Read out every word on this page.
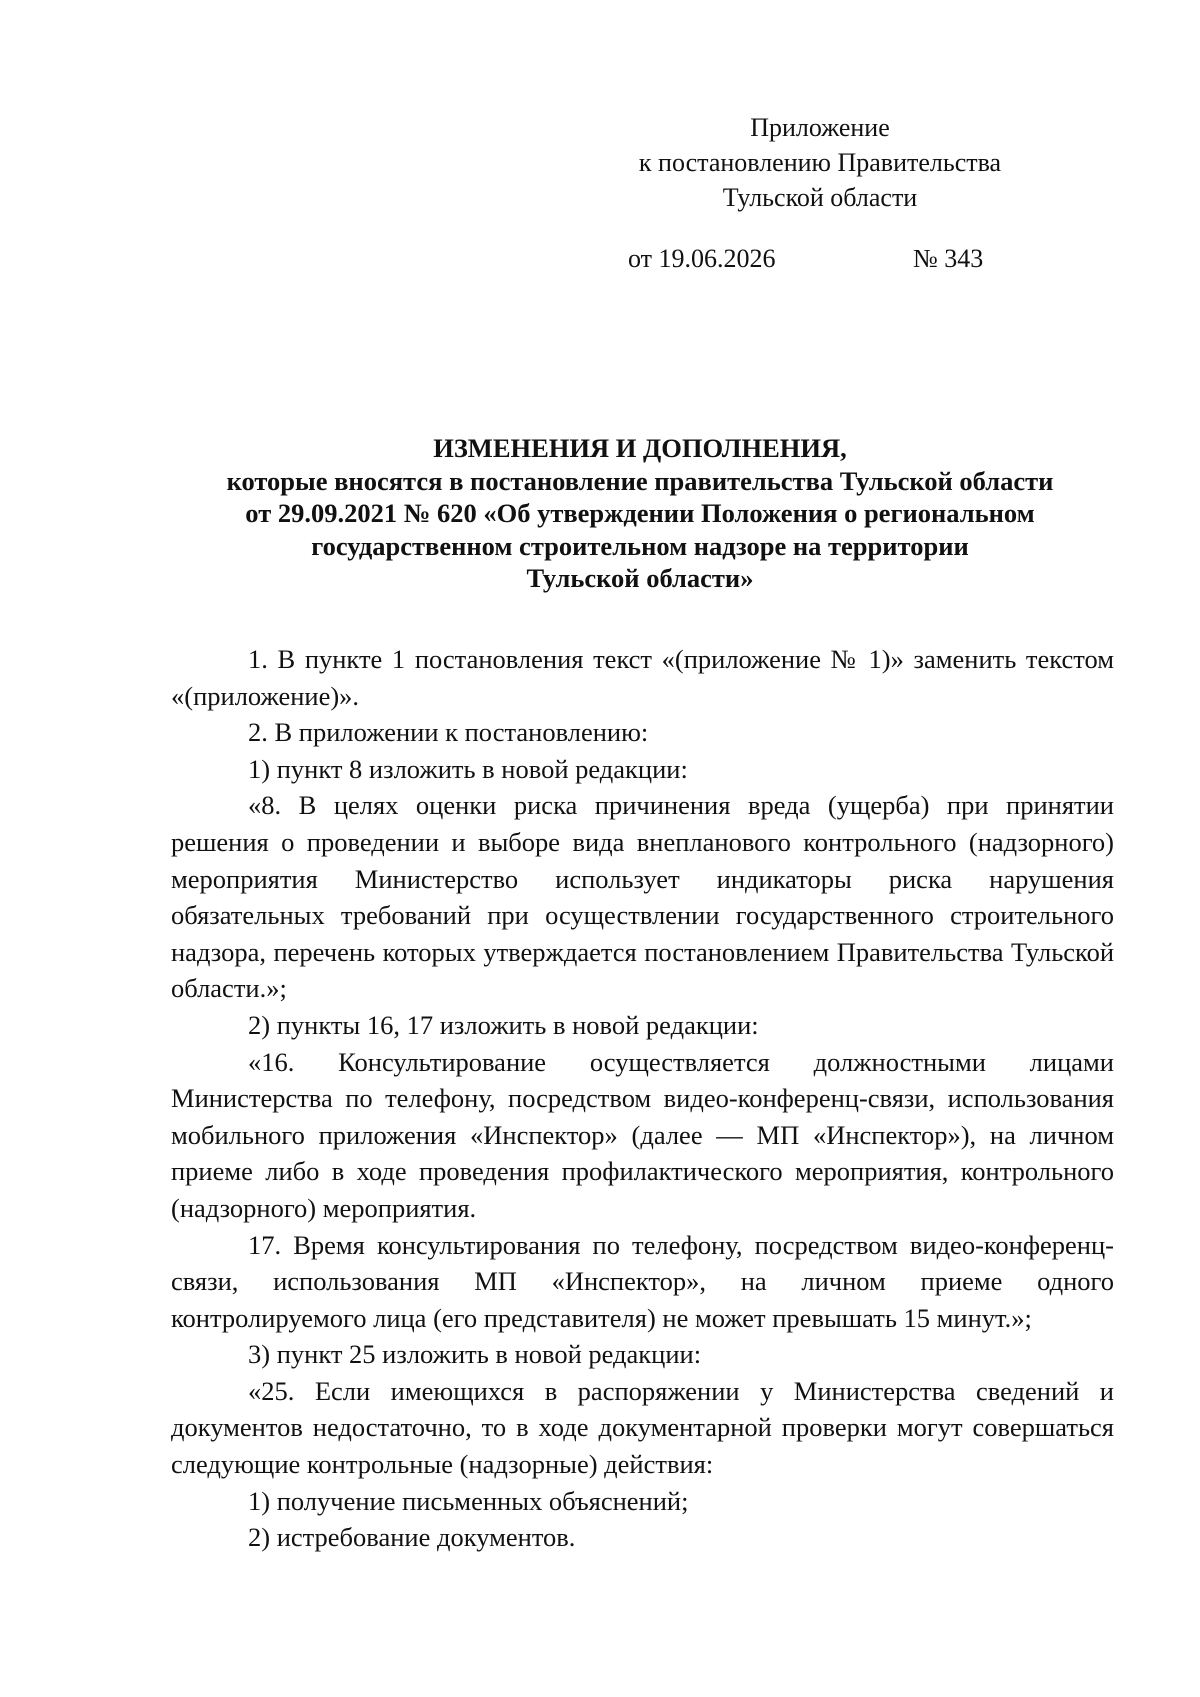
Приложение
к постановлению Правительства
Тульской области
от 19.06.2026	№ 343
ИЗМЕНЕНИЯ И ДОПОЛНЕНИЯ,
которые вносятся в постановление правительства Тульской области
от 29.09.2021 № 620 «Об утверждении Положения о региональном
государственном строительном надзоре на территории
Тульской области»

1. В пункте 1 постановления текст «(приложение № 1)» заменить текстом «(приложение)».

2. В приложении к постановлению:

1) пункт 8 изложить в новой редакции:

«8. В целях оценки риска причинения вреда (ущерба) при принятии решения о проведении и выборе вида внепланового контрольного (надзорного) мероприятия Министерство использует индикаторы риска нарушения обязательных требований при осуществлении государственного строительного надзора, перечень которых утверждается постановлением Правительства Тульской области.»;

2) пункты 16, 17 изложить в новой редакции:

«16. Консультирование осуществляется должностными лицами Министерства по телефону, посредством видео-конференц-связи, использования мобильного приложения «Инспектор» (далее — МП «Инспектор»), на личном приеме либо в ходе проведения профилактического мероприятия, контрольного (надзорного) мероприятия.

17. Время консультирования по телефону, посредством видео-конференц-связи, использования МП «Инспектор», на личном приеме одного контролируемого лица (его представителя) не может превышать 15 минут.»;

3) пункт 25 изложить в новой редакции:

«25. Если имеющихся в распоряжении у Министерства сведений и документов недостаточно, то в ходе документарной проверки могут совершаться следующие контрольные (надзорные) действия:

1) получение письменных объяснений;

2) истребование документов.
